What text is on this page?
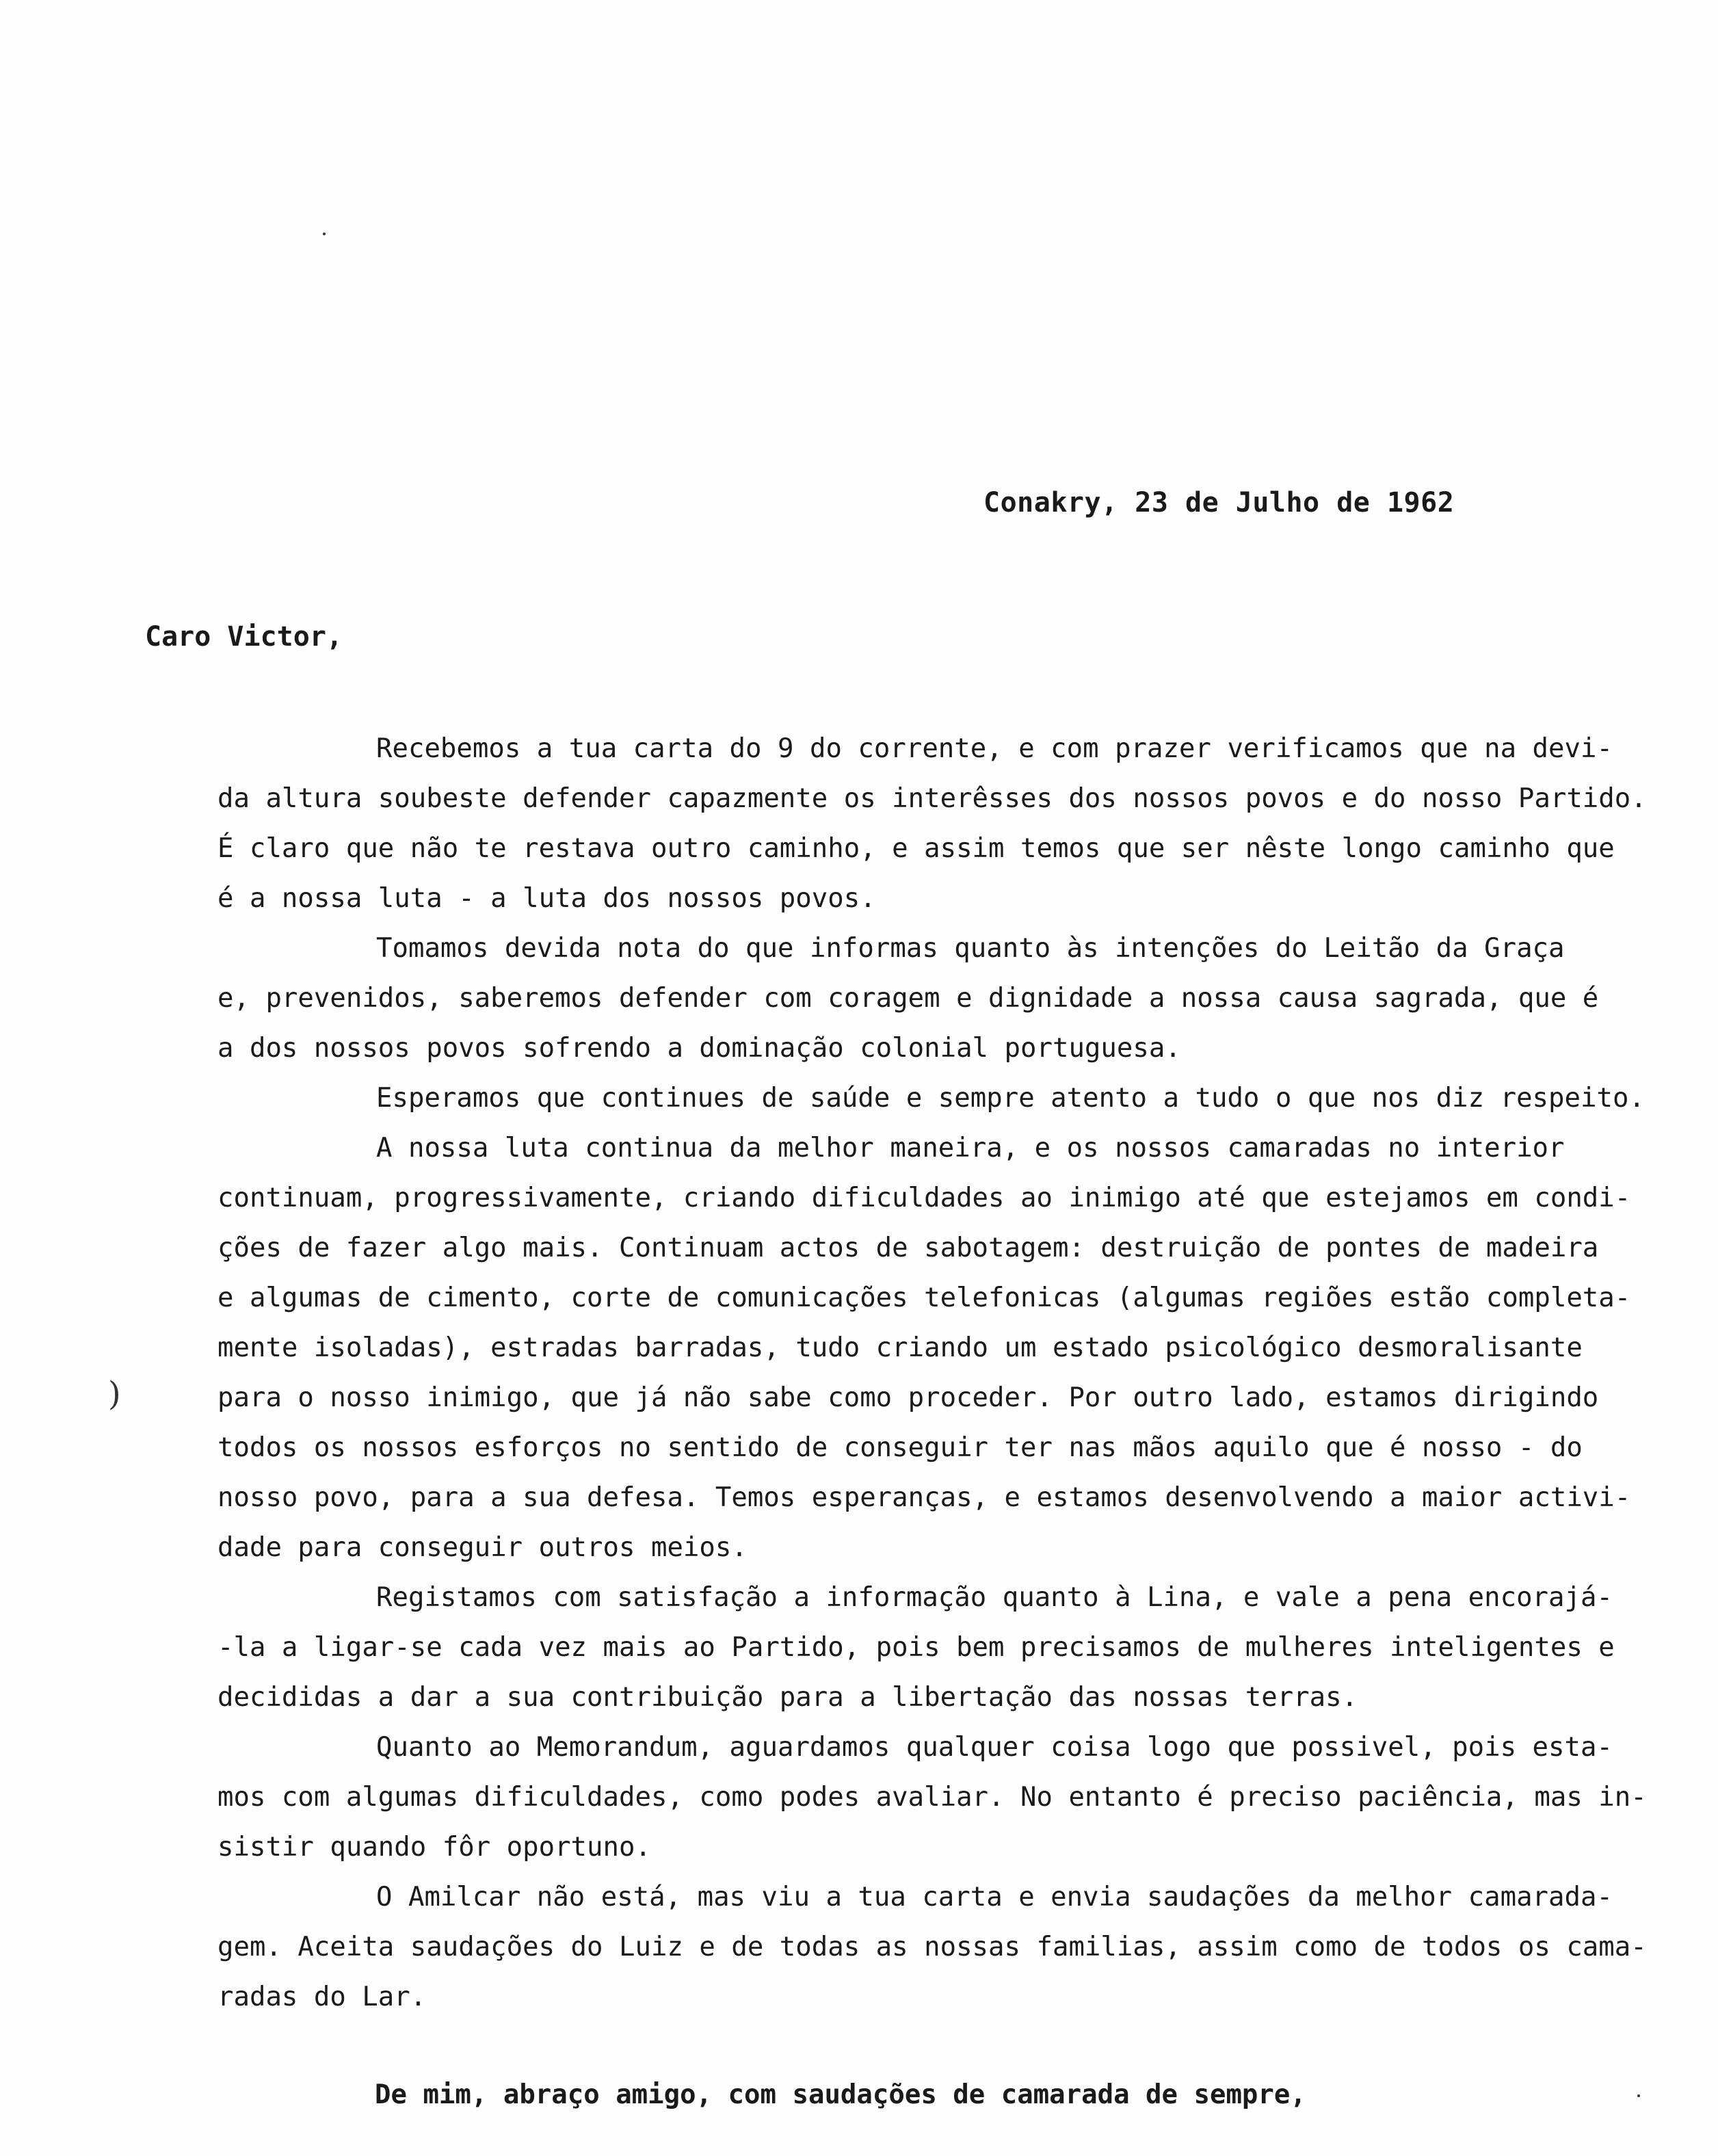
Conakry, 23 de Julho de 1962
Caro Victor,
)
Recebemos a tua carta do 9 do corrente, e com prazer verificamos que na devi-
da altura soubeste defender capazmente os interêsses dos nossos povos e do nosso Partido.
É claro que não te restava outro caminho, e assim temos que ser nêste longo caminho que
é a nossa luta - a luta dos nossos povos.
Tomamos devida nota do que informas quanto às intenções do Leitão da Graça
e, prevenidos, saberemos defender com coragem e dignidade a nossa causa sagrada, que é
a dos nossos povos sofrendo a dominação colonial portuguesa.
Esperamos que continues de saúde e sempre atento a tudo o que nos diz respeito.
A nossa luta continua da melhor maneira, e os nossos camaradas no interior
continuam, progressivamente, criando dificuldades ao inimigo até que estejamos em condi-
ções de fazer algo mais. Continuam actos de sabotagem: destruição de pontes de madeira
e algumas de cimento, corte de comunicações telefonicas (algumas regiões estão completa-
mente isoladas), estradas barradas, tudo criando um estado psicológico desmoralisante
para o nosso inimigo, que já não sabe como proceder. Por outro lado, estamos dirigindo
todos os nossos esforços no sentido de conseguir ter nas mãos aquilo que é nosso - do
nosso povo, para a sua defesa. Temos esperanças, e estamos desenvolvendo a maior activi-
dade para conseguir outros meios.
Registamos com satisfação a informação quanto à Lina, e vale a pena encorajá-
-la a ligar-se cada vez mais ao Partido, pois bem precisamos de mulheres inteligentes e
decididas a dar a sua contribuição para a libertação das nossas terras.
Quanto ao Memorandum, aguardamos qualquer coisa logo que possivel, pois esta-
mos com algumas dificuldades, como podes avaliar. No entanto é preciso paciência, mas in-
sistir quando fôr oportuno.
O Amilcar não está, mas viu a tua carta e envia saudações da melhor camarada-
gem. Aceita saudações do Luiz e de todas as nossas familias, assim como de todos os cama-
radas do Lar.
De mim, abraço amigo, com saudações de camarada de sempre,
